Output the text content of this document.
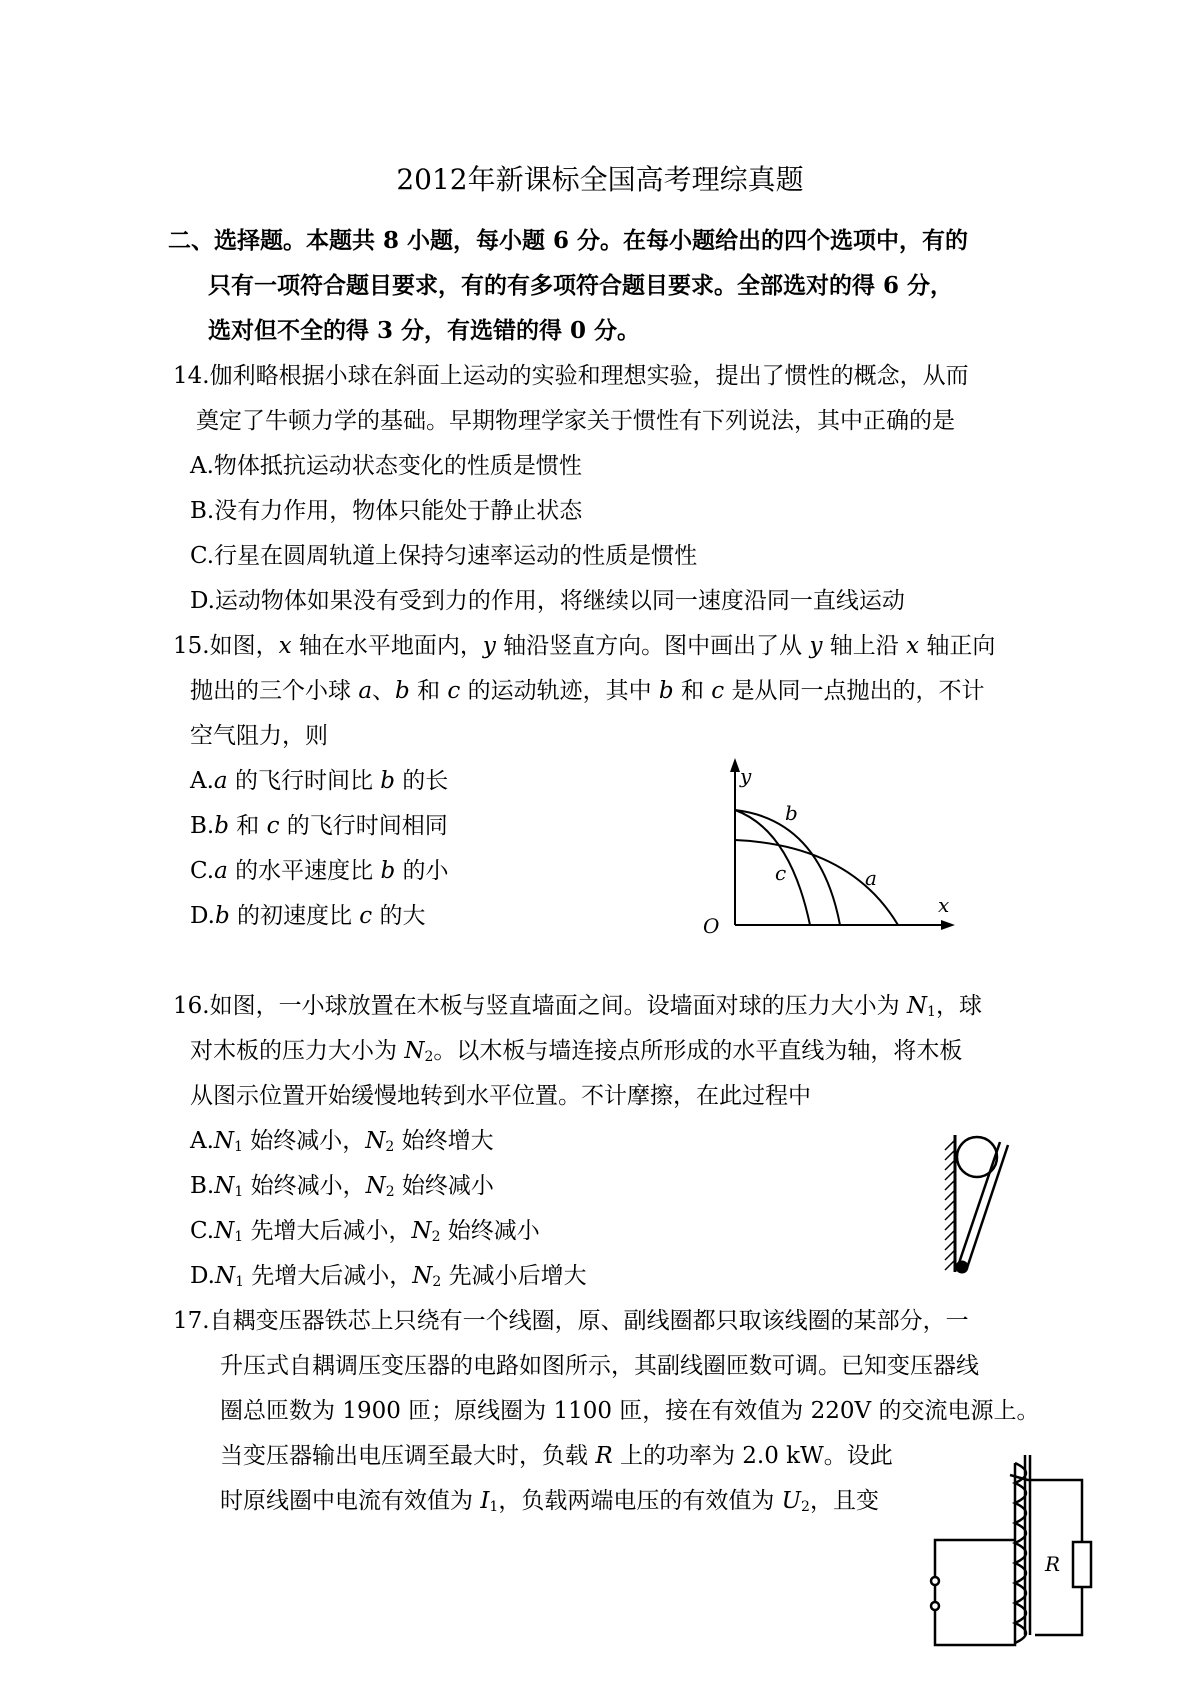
2012年新课标全国高考理综真题
二、选择题。本题共 8 小题，每小题 6 分。在每小题给出的四个选项中，有的
只有一项符合题目要求，有的有多项符合题目要求。全部选对的得 6 分，
选对但不全的得 3 分，有选错的得 0 分。
14.伽利略根据小球在斜面上运动的实验和理想实验，提出了惯性的概念，从而
奠定了牛顿力学的基础。早期物理学家关于惯性有下列说法，其中正确的是
A.物体抵抗运动状态变化的性质是惯性
B.没有力作用，物体只能处于静止状态
C.行星在圆周轨道上保持匀速率运动的性质是惯性
D.运动物体如果没有受到力的作用，将继续以同一速度沿同一直线运动
15.如图，x 轴在水平地面内，y 轴沿竖直方向。图中画出了从 y 轴上沿 x 轴正向
抛出的三个小球 a、b 和 c 的运动轨迹，其中 b 和 c 是从同一点抛出的，不计
空气阻力，则
A.a 的飞行时间比 b 的长
B.b 和 c 的飞行时间相同
C.a 的水平速度比 b 的小
D.b 的初速度比 c 的大
y
b
c	a
x
O
16.如图，一小球放置在木板与竖直墙面之间。设墙面对球的压力大小为 $N_1$，球
对木板的压力大小为 $N_2$。以木板与墙连接点所形成的水平直线为轴，将木板
从图示位置开始缓慢地转到水平位置。不计摩擦，在此过程中
$A.N_1$ 始终减小，$N_2$ 始终增大
$B.N_1$ 始终减小，$N_2$ 始终减小
$C.N_1$ 先增大后减小，$N_2$ 始终减小
$D.N_1$ 先增大后减小，$N_2$ 先减小后增大
17.自耦变压器铁芯上只绕有一个线圈，原、副线圈都只取该线圈的某部分，一
升压式自耦调压变压器的电路如图所示，其副线圈匝数可调。已知变压器线
圈总匝数为 1900 匝；原线圈为 1100 匝，接在有效值为 220V 的交流电源上。
当变压器输出电压调至最大时，负载 R 上的功率为 2.0 kW。设此
时原线圈中电流有效值为 $I_1$，负载两端电压的有效值为 $U_2$，且变
R
